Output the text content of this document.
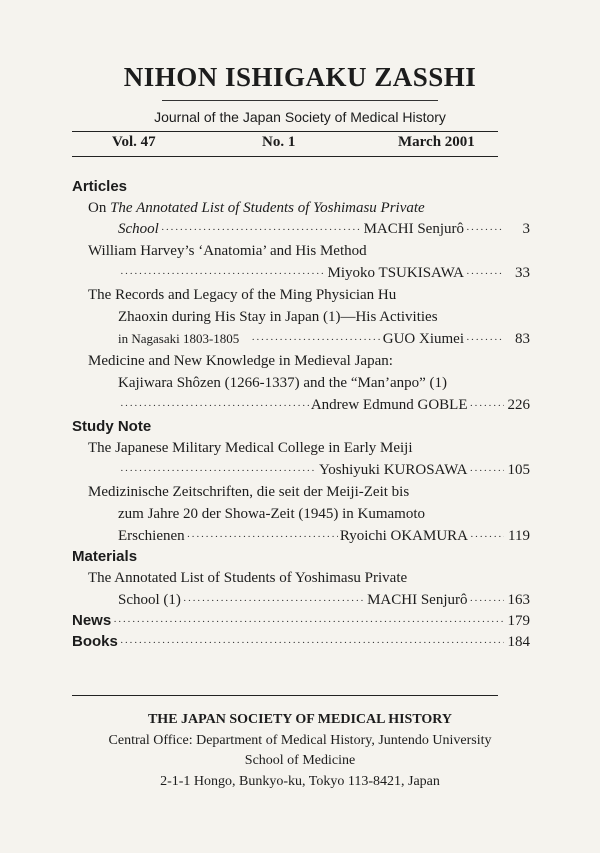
NIHON ISHIGAKU ZASSHI
Journal of the Japan Society of Medical History
Vol. 47	No. 1	March 2001
Articles
On The Annotated List of Students of Yoshimasu Private
School ·····	MACHI Senjurô ·····	3
William Harvey’s ‘Anatomia’ and His Method
·····
Miyoko TSUKISAWA ·····	33
The Records and Legacy of the Ming Physician Hu
Zhaoxin during His Stay in Japan (1)—His Activities
in Nagasaki 1803-1805 ·····	GUO Xiumei ·····	83
Medicine and New Knowledge in Medieval Japan:
Kajiwara Shôzen (1266-1337) and the “Man’anpo” (1)
·····
Andrew Edmund GOBLE ·····	226
Study Note
The Japanese Military Medical College in Early Meiji
·····
Yoshiyuki KUROSAWA ·····	105
Medizinische Zeitschriften, die seit der Meiji-Zeit bis
zum Jahre 20 der Showa-Zeit (1945) in Kumamoto
Erschienen ·····	Ryoichi OKAMURA ·····	119
Materials
The Annotated List of Students of Yoshimasu Private
School (1) ·····	MACHI Senjurô ·····	163
News ·····	179
Books ·····	184
THE JAPAN SOCIETY OF MEDICAL HISTORY
Central Office: Department of Medical History, Juntendo University
School of Medicine
2-1-1 Hongo, Bunkyo-ku, Tokyo 113-8421, Japan
